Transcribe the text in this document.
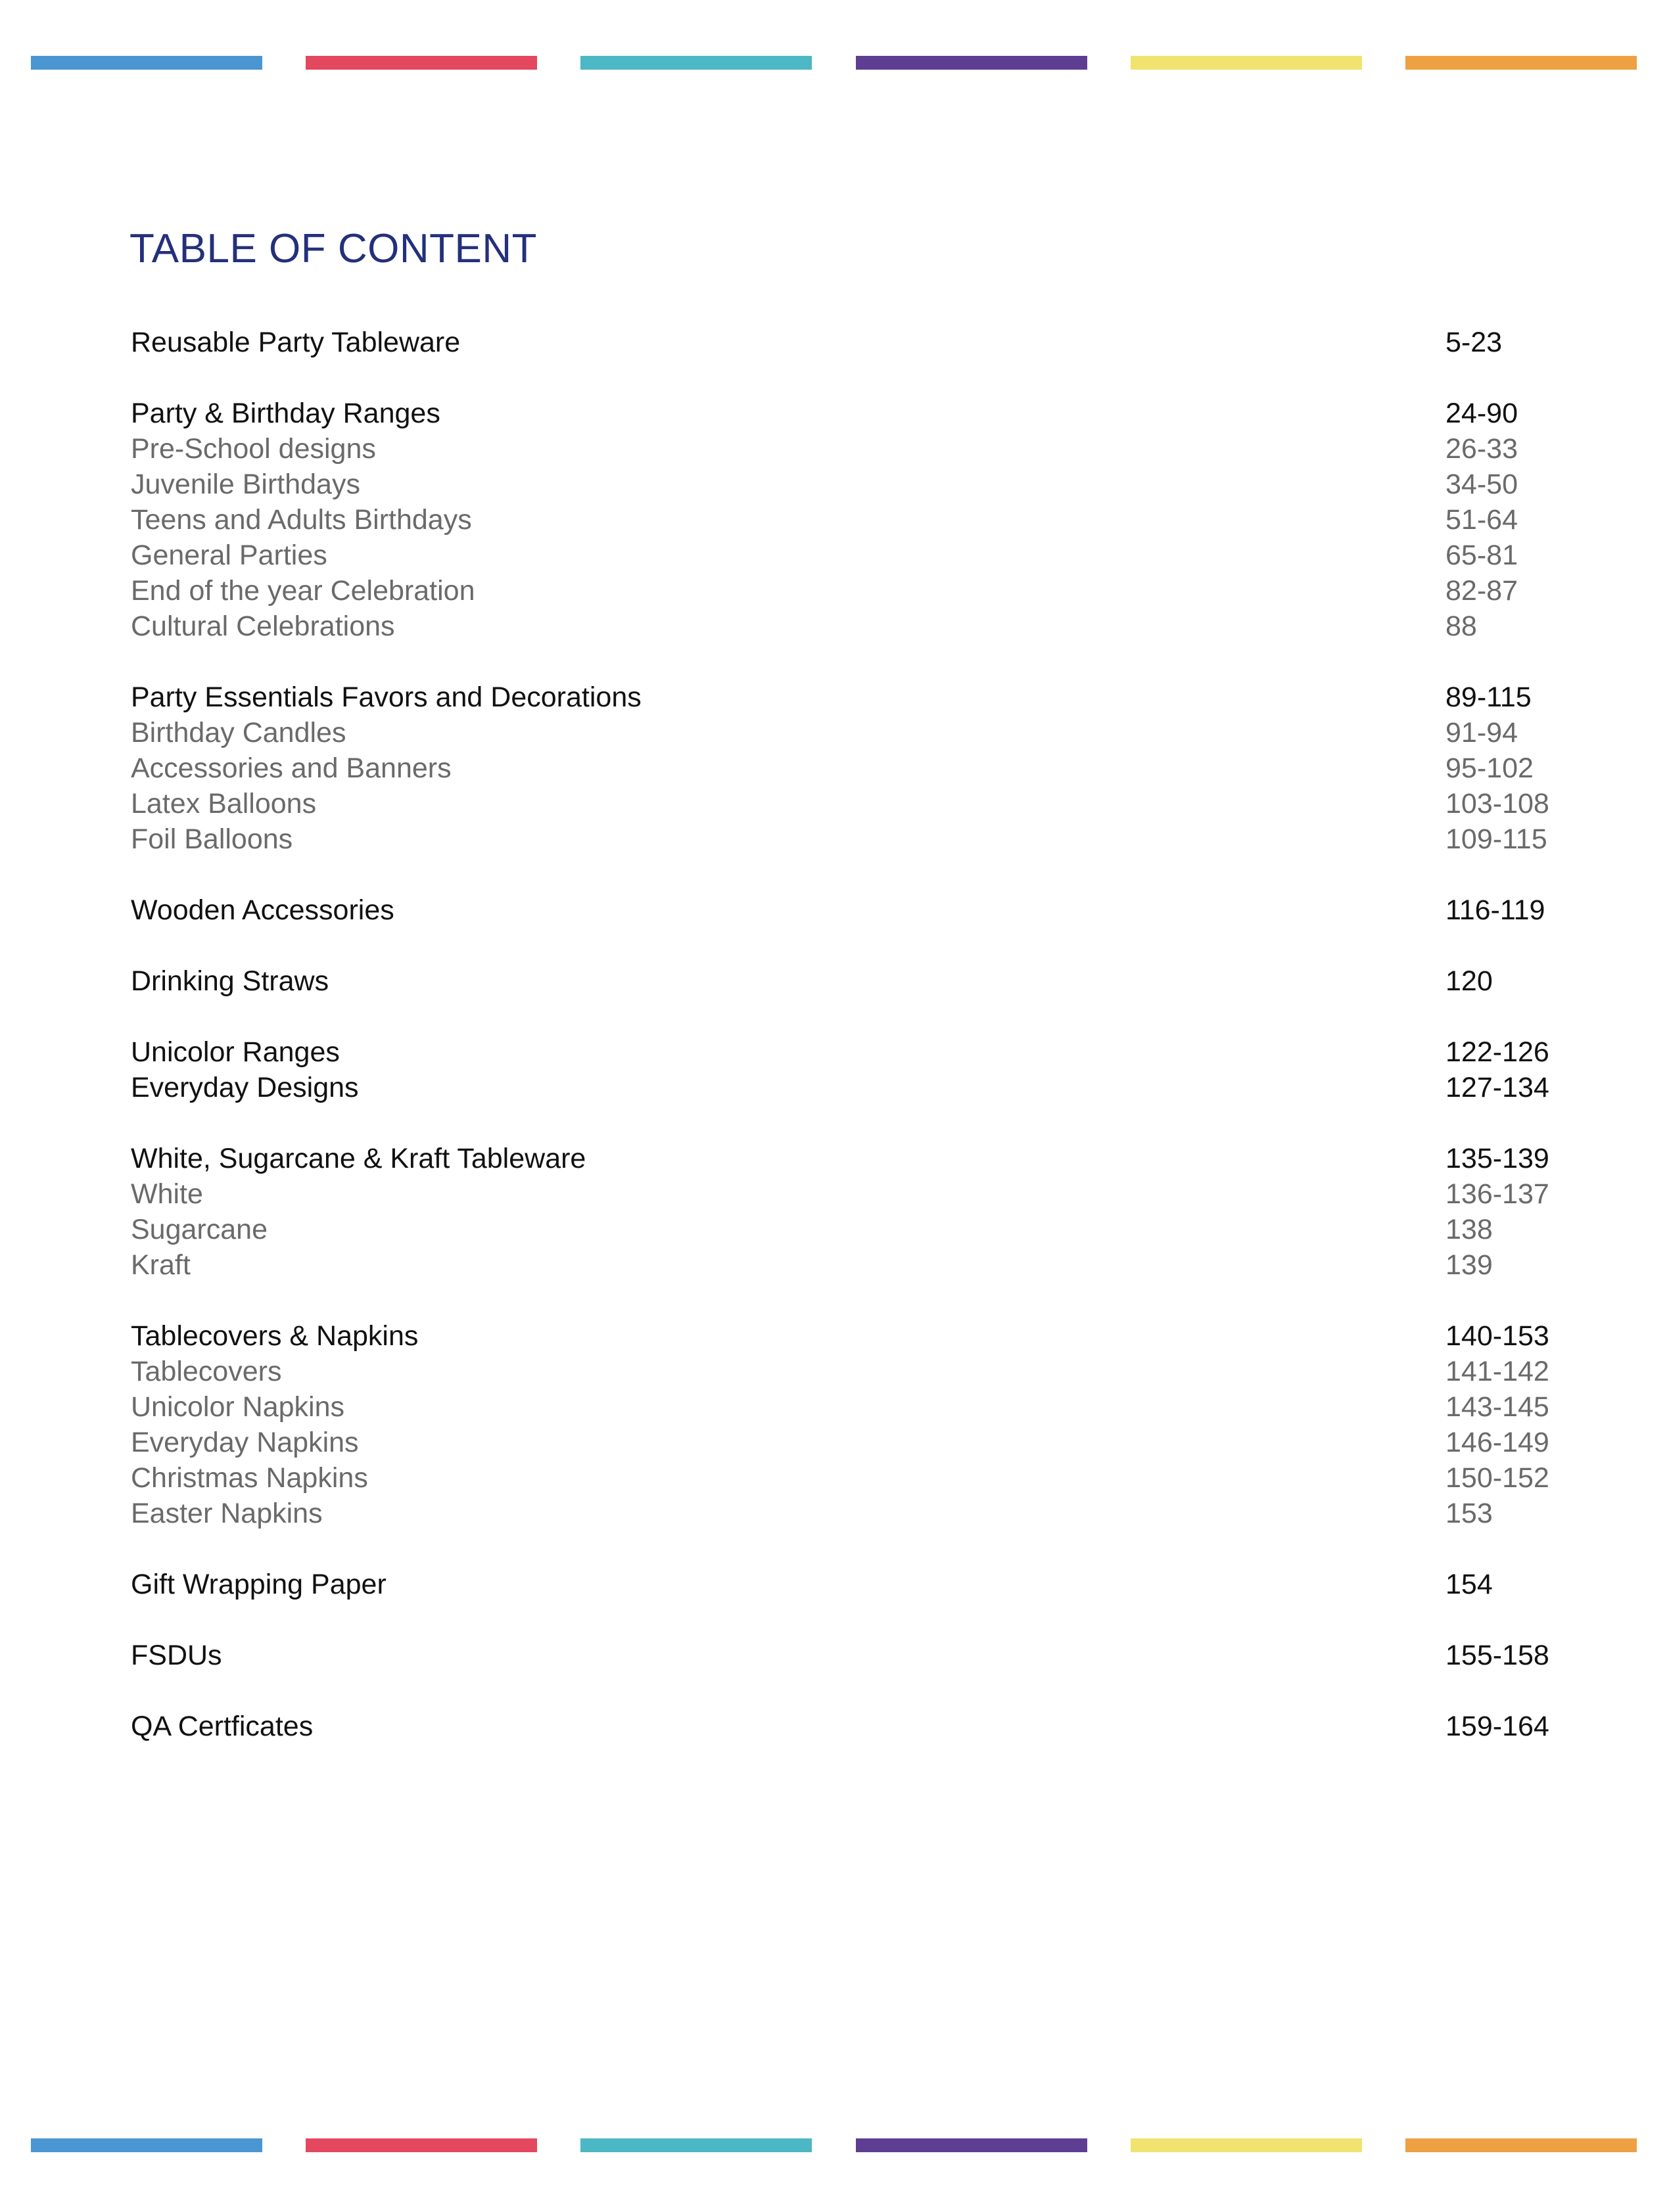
TABLE OF CONTENT
Reusable Party Tableware	5-23
Party & Birthday Ranges	24-90
Pre-School designs	26-33
Juvenile Birthdays	34-50
Teens and Adults Birthdays	51-64
General Parties	65-81
End of the year Celebration	82-87
Cultural Celebrations	88
Party Essentials Favors and Decorations	89-115
Birthday Candles	91-94
Accessories and Banners	95-102
Latex Balloons	103-108
Foil Balloons	109-115
Wooden Accessories	116-119
Drinking Straws	120
Unicolor Ranges	122-126
Everyday Designs	127-134
White, Sugarcane & Kraft Tableware	135-139
White	136-137
Sugarcane	138
Kraft	139
Tablecovers & Napkins	140-153
Tablecovers	141-142
Unicolor Napkins	143-145
Everyday Napkins	146-149
Christmas Napkins	150-152
Easter Napkins	153
Gift Wrapping Paper	154
FSDUs	155-158
QA Certficates	159-164
